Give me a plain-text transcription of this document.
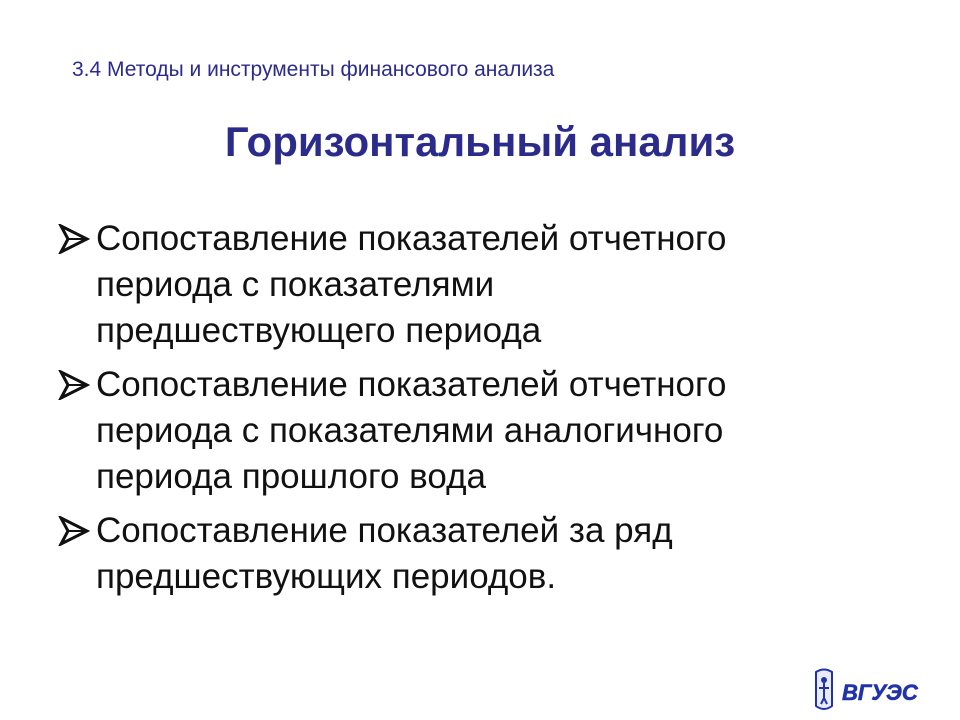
3.4 Методы и инструменты финансового анализа
Горизонтальный анализ
Сопоставление показателей отчетного
периода с показателями
предшествующего периода
Сопоставление показателей отчетного
периода с показателями аналогичного
периода прошлого вода
Сопоставление показателей за ряд
предшествующих периодов.
ВГУЭС
